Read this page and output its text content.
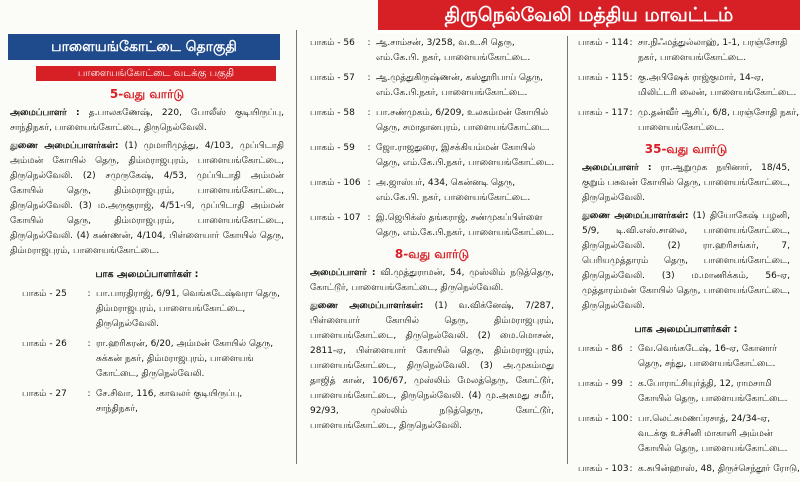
திருநெல்வேலி மத்திய மாவட்டம்
பாளையங்கோட்டை தொகுதி
பாளையங்கோட்டை வடக்கு பகுதி
5-வது வார்டு
அமைப்பாளர் : த.பாலகணேஷ், 220, போலீஸ் குடியிருப்பு, சாந்திநகர், பாளையங்கோட்டை, திருநெல்வேலி.
துணை அமைப்பாளர்கள்: (1) முமாரிமுத்து, 4/103, முப்பிடாதி அம்மன் கோயில் தெரு, திம்மராஜபுரம், பாளையங்கோட்டை, திருநெல்வேலி. (2) சமுருகேஷ், 4/53, முப்பிடாதி அம்மன் கோயில் தெரு, திம்மராஜபுரம், பாளையங்கோட்டை, திருநெல்வேலி. (3) ம.அருகுராஜ், 4/51-பி, முப்பிடாதி அம்மன் கோயில் தெரு, திம்மராஜபுரம், பாளையங்கோட்டை, திருநெல்வேலி. (4) கண்ணன், 4/104, பிள்ளையார் கோயில் தெரு, திம்மராஜபுரம், பாளையங்கோட்டை.
பாக அமைப்பாளர்கள் :
பாகம் - 25	: பா.பாரதிராஜ், 6/91, வெங்கடேஷ்வரா தெரு, திம்மராஜபுரம், பாளையங்கோட்டை, திருநெல்வேலி.
பாகம் - 26	: ரா.ஹரிகரன், 6/20, அம்மன் கோயில் தெரு, சுக்கன் நகர், திம்மராஜபுரம், பாளையங் கோட்டை, திருநெல்வேலி.
பாகம் - 27	: சே.சிவா, 116, காவலர் குடியிருப்பு, சாந்திநகர்,
பாகம் - 56	: ஆ.சாம்சன், 3/258, வ.உ.சி தெரு, எம்.கே.பி. நகர், பாளையங்கோட்டை.
பாகம் - 57	: ஆ.முத்துகிருஷ்ணன், கஸ்தூரிபாய் தெரு, எம்.கே.பி.நகர், பாளையங்கோட்டை.
பாகம் - 58	: பா.சண்முகம், 6/209, உலகம்மன் கோயில் தெரு, சமாதானபுரம், பாளையங்கோட்டை.
பாகம் - 59	: ஜோ.ராஜதுரை, இசக்கியம்மன் கோயில் தெரு, எம்.கே.பி.நகர், பாளையங்கோட்டை.
பாகம் - 106 : அ.ஜாஸ்பர், 434, கென்னடி தெரு, எம்.கே.பி. நகர், பாளையங்கோட்டை.
பாகம் - 107 : இ.ஜெபிக்ஸ் தங்கராஜ், சண்முகப்பிள்ளை தெரு, எம்.கே.பி.நகர், பாளையங்கோட்டை.
8-வது வார்டு
அமைப்பாளர் : வி.முத்துராமன், 54, முஸ்லிம் நடுத்தெரு, கோட்டூர், பாளையங்கோட்டை, திருநெல்வேலி.
துணை அமைப்பாளர்கள்: (1) வ.விக்னேஷ், 7/287, பிள்ளையார் கோயில் தெரு, திம்மராஜபுரம், பாளையங்கோட்டை, திருநெல்வேலி. (2) மை.மொசன், 2811-ஏ, பிள்ளையார் கோயில் தெரு, திம்மராஜபுரம், பாளையங்கோட்டை, திருநெல்வேலி. (3) அ.முகம்மது தாஜித் கான், 106/67, முஸ்லிம் மேலத்தெரு, கோட்டூர், பாளையங்கோட்டை, திருநெல்வேலி. (4) மு.அகமது சமீர், 92/93, முஸ்லிம் நடுத்தெரு, கோட்டூர், பாளையங்கோட்டை, திருநெல்வேலி.
பாகம் - 114 : சா.நிஃமத்துல்லாஹ், 1-1, பரஞ்சோதி நகர், பாளையங்கோட்டை.
பாகம் - 115 : கு.அபிஷேக் ராஜ்குமார், 14-ஏ, மிலிட்டரி லைன், பாளையங்கோட்டை.
பாகம் - 117 : மு.தன்வீர் ஆசிப், 6/8, பரஞ்சோதி நகர், பாளையங்கோட்டை.
35-வது வார்டு
அமைப்பாளர் : ரா.ஆறுமுக நயினார், 18/45, குறும் பசுவன் கோயில் தெரு, பாளையங்கோட்டை, திருநெல்வேலி.
துணை அமைப்பாளர்கள்: (1) தியோகேஷ் பழனி, 5/9, டி.வி.எஸ்.சாலை, பாளையங்கோட்டை, திருநெல்வேலி. (2) ரா.ஹரிசங்கர், 7, பெரியமுத்தாரம் தெரு, பாளையங்கோட்டை, திருநெல்வேலி. (3) ம.மாணிக்கம், 56-ஏ, முத்தாரம்மன் கோயில் தெரு, பாளையங்கோட்டை, திருநெல்வேலி.
பாக அமைப்பாளர்கள் :
பாகம் - 86 : வே.வெங்கடேஷ், 16-ஏ, கோனார் தெரு, சந்து, பாளையங்கோட்டை.
பாகம் - 99 : க.போராட்சியுர்த்தி, 12, ராமசாமி கோயில் தெரு, பாளையங்கோட்டை.
பாகம் - 100 : பா.லெட்சுமணப்ரசாத், 24/34-ஏ, வடக்கு உச்சினி மாகாளி அம்மன் கோயில் தெரு, பாளையங்கோட்டை.
பாகம் - 103 : க.சுபின்ஹாஸ், 48, திருச்செந்தூர் ரோடு,
